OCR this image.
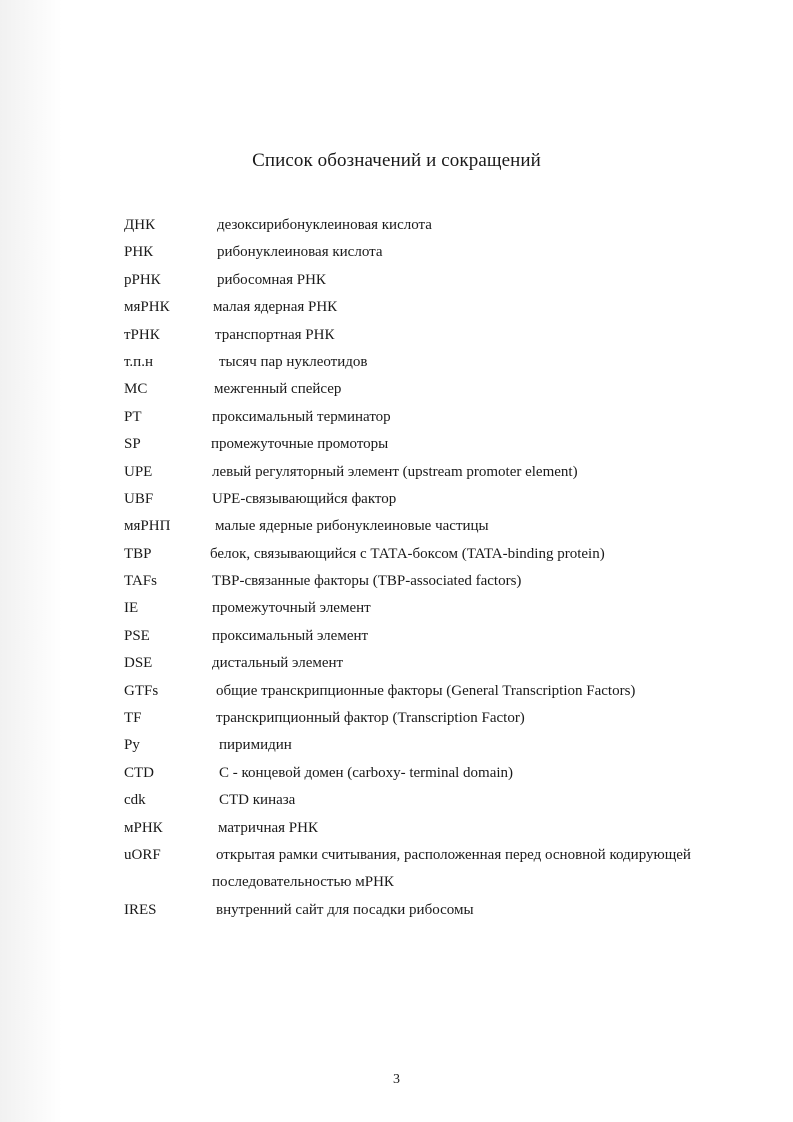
Список обозначений и сокращений
ДНК	дезоксирибонуклеиновая кислота
РНК	рибонуклеиновая кислота
рРНК	рибосомная РНК
мяРНК	малая ядерная РНК
тРНК	транспортная РНК
т.п.н	тысяч пар нуклеотидов
МС	межгенный спейсер
PT	проксимальный терминатор
SP	промежуточные промоторы
UPE	левый регуляторный элемент (upstream promoter element)
UBF	UPE-связывающийся фактор
мяРНП	малые ядерные рибонуклеиновые частицы
TBP	белок, связывающийся с ТАТА-боксом (TATA-binding protein)
TAFs	ТВР-связанные факторы (TBP-associated factors)
IE	промежуточный элемент
PSE	проксимальный элемент
DSE	дистальный элемент
GTFs	общие транскрипционные факторы (General Transcription Factors)
TF	транскрипционный фактор (Transcription Factor)
Py	пиримидин
CTD	С - концевой домен (carboxy- terminal domain)
cdk	CTD киназа
мРНК	матричная РНК
uORF	открытая рамки считывания, расположенная перед основной кодирующей последовательностью мРНК
IRES	внутренний сайт для посадки рибосомы
3
